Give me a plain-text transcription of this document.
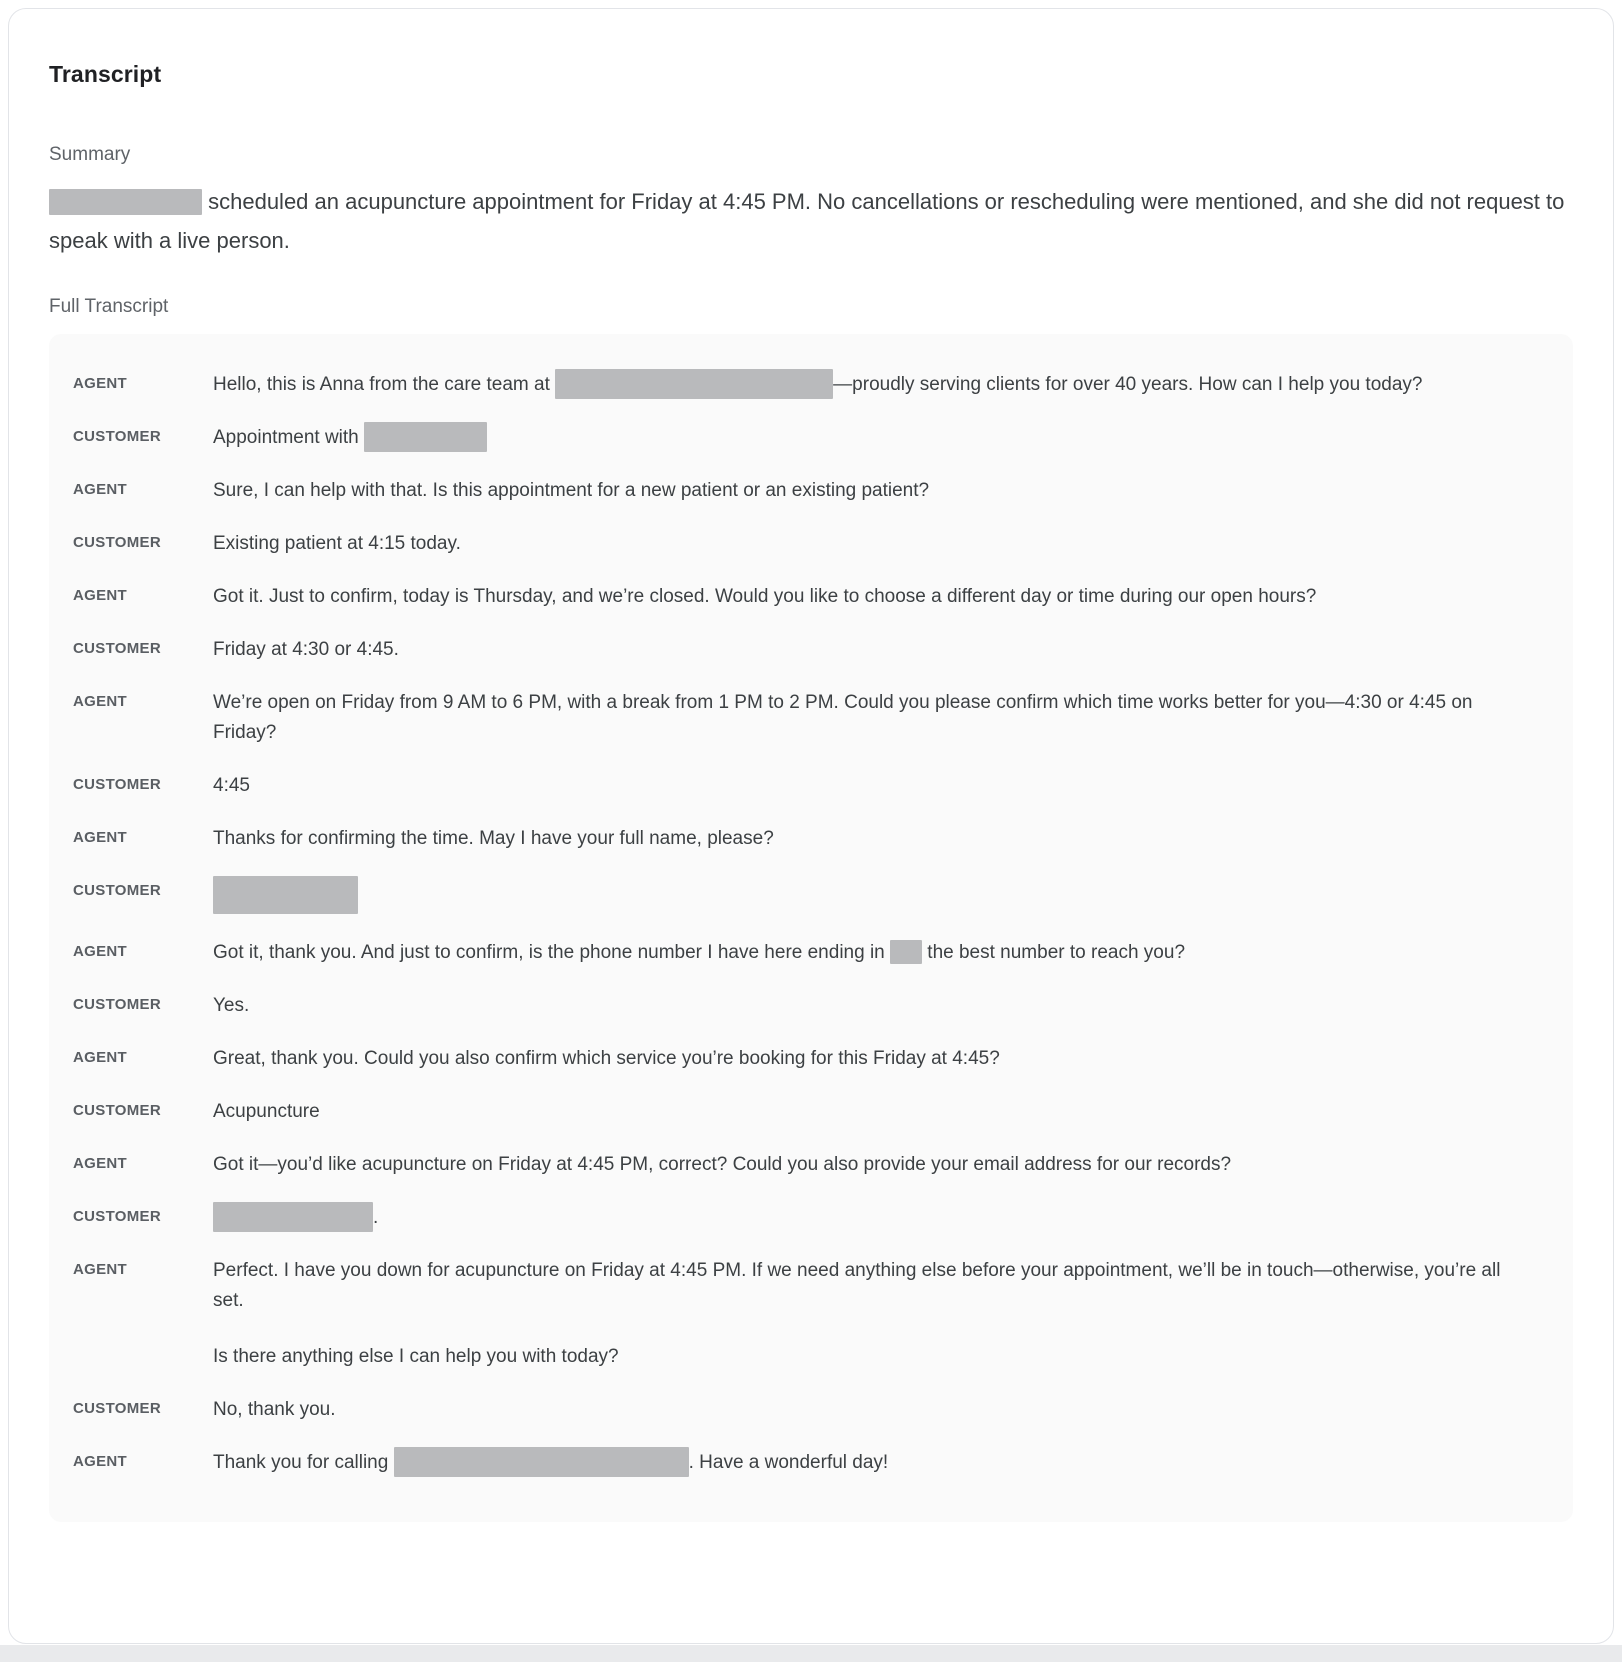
Transcript
Summary
scheduled an acupuncture appointment for Friday at 4:45 PM. No cancellations or rescheduling were mentioned, and she did not request to speak with a live person.
Full Transcript
AGENT	Hello, this is Anna from the care team at	—proudly serving clients for over 40 years. How can I help you today?

CUSTOMER	Appointment with

AGENT	Sure, I can help with that. Is this appointment for a new patient or an existing patient?

CUSTOMER	Existing patient at 4:15 today.

AGENT	Got it. Just to confirm, today is Thursday, and we’re closed. Would you like to choose a different day or time during our open hours?

CUSTOMER	Friday at 4:30 or 4:45.

AGENT	We’re open on Friday from 9 AM to 6 PM, with a break from 1 PM to 2 PM. Could you please confirm which time works better for you—4:30 or 4:45 on Friday?

CUSTOMER	4:45

AGENT	Thanks for confirming the time. May I have your full name, please?

CUSTOMER

AGENT	Got it, thank you. And just to confirm, is the phone number I have here ending in  the best number to reach you?

CUSTOMER	Yes.

AGENT	Great, thank you. Could you also confirm which service you’re booking for this Friday at 4:45?

CUSTOMER	Acupuncture

AGENT	Got it—you’d like acupuncture on Friday at 4:45 PM, correct? Could you also provide your email address for our records?

CUSTOMER	.

AGENT	Perfect. I have you down for acupuncture on Friday at 4:45 PM. If we need anything else before your appointment, we’ll be in touch—otherwise, you’re all set.

Is there anything else I can help you with today?

CUSTOMER	No, thank you.

AGENT	Thank you for calling	. Have a wonderful day!
